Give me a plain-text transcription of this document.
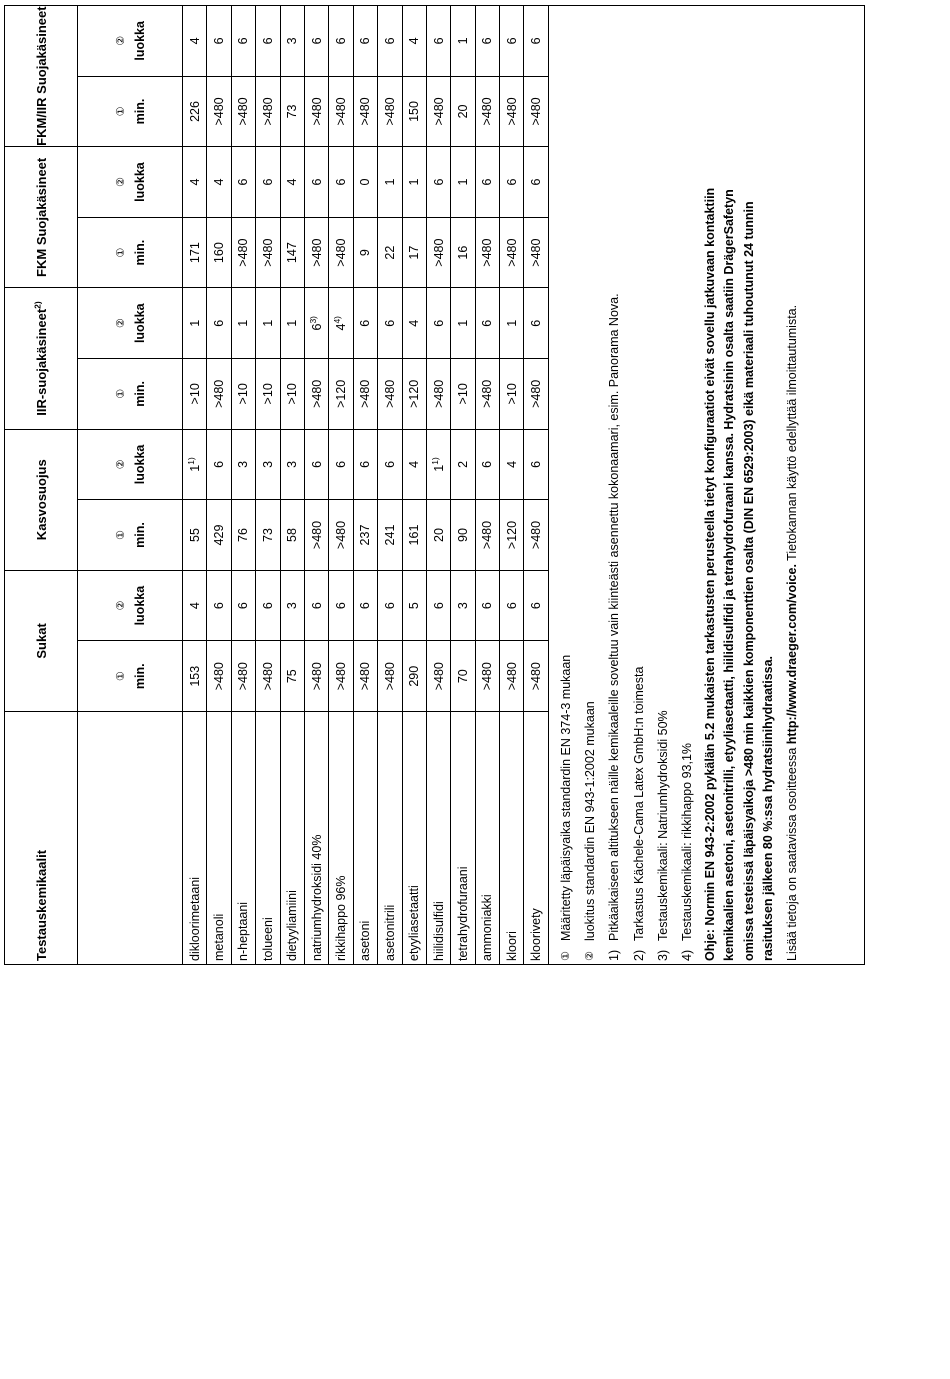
Testauskemikaalit	Sukat		Kasvosuojus		IIR-suojakäsineet$^{2)}$		FKM Suojakäsineet		FKM/IIR Suojakäsineet	

	① min.	② luokka	① min.	② luokka	① min.	② luokka	① min.	② luokka	① min.	② luokka
dikloorimetaani	153	4	55	$1^{1)}$	>10	1	171	4	226	4
metanoli	>480	6	429	6	>480	6	160	4	>480	6
n-heptaani	>480	6	76	3	>10	1	>480	6	>480	6
tolueeni	>480	6	73	3	>10	1	>480	6	>480	6
dietyyliamiini	75	3	58	3	>10	1	147	4	73	3
natriumhydroksidi 40%	>480	6	>480	6	>480	$6^{3)}$	>480	6	>480	6
rikkihappo 96%	>480	6	>480	6	>120	$4^{4)}$	>480	6	>480	6
asetoni	>480	6	237	6	>480	6	9	0	>480	6
asetonitrili	>480	6	241	6	>480	6	22	1	>480	6
etyyliasetaatti	290	5	161	4	>120	4	17	1	150	4
hiilidisulfidi	>480	6	20	$1^{1)}$	>480	6	>480	6	>480	6
tetrahydrofuraani	70	3	90	2	>10	1	16	1	20	1
ammoniakki	>480	6	>480	6	>480	6	>480	6	>480	6
kloori	>480	6	>120	4	>10	1	>480	6	>480	6
kloorivety	>480	6	>480	6	>480	6	>480	6	>480	6
①
Määritetty läpäisyaika standardin EN 374-3 mukaan
②
luokitus standardin EN 943-1:2002 mukaan
1)
Pitkäaikaiseen altitukseen näille kemikaaleille soveltuu vain kiinteästi asennettu kokonaamari, esim. Panorama Nova.
2)
Tarkastus Kächele-Cama Latex GmbH:n toimesta
3)
Testauskemikaali: Natriumhydroksidi 50%
4)
Testauskemikaali: rikkihappo 93,1% Ohje: Normin EN 943-2:2002 pykälän 5.2 mukaisten tarkastusten perusteella tietyt konfiguraatiot eivät sovellu jatkuvaan kontaktiin kemikaalien asetoni, asetonitrilli, etyyliasetaatti, hiilidisulfidi ja tetrahydrofuraani kanssa. Hydratsinin osalta saatiin DrägerSafetyn omissa testeissä läpäisyaikoja >480 min kaikkien komponenttien osalta (DIN EN 6529:2003) eikä materiaali tuhoutunut 24 tunnin rasituksen jälkeen 80 %:ssa hydratsiinihydraatissa. Lisää tietoja on saatavissa osoitteessa http://www.draeger.com/voice. Tietokannan käyttö edellyttää ilmoittautumista.
